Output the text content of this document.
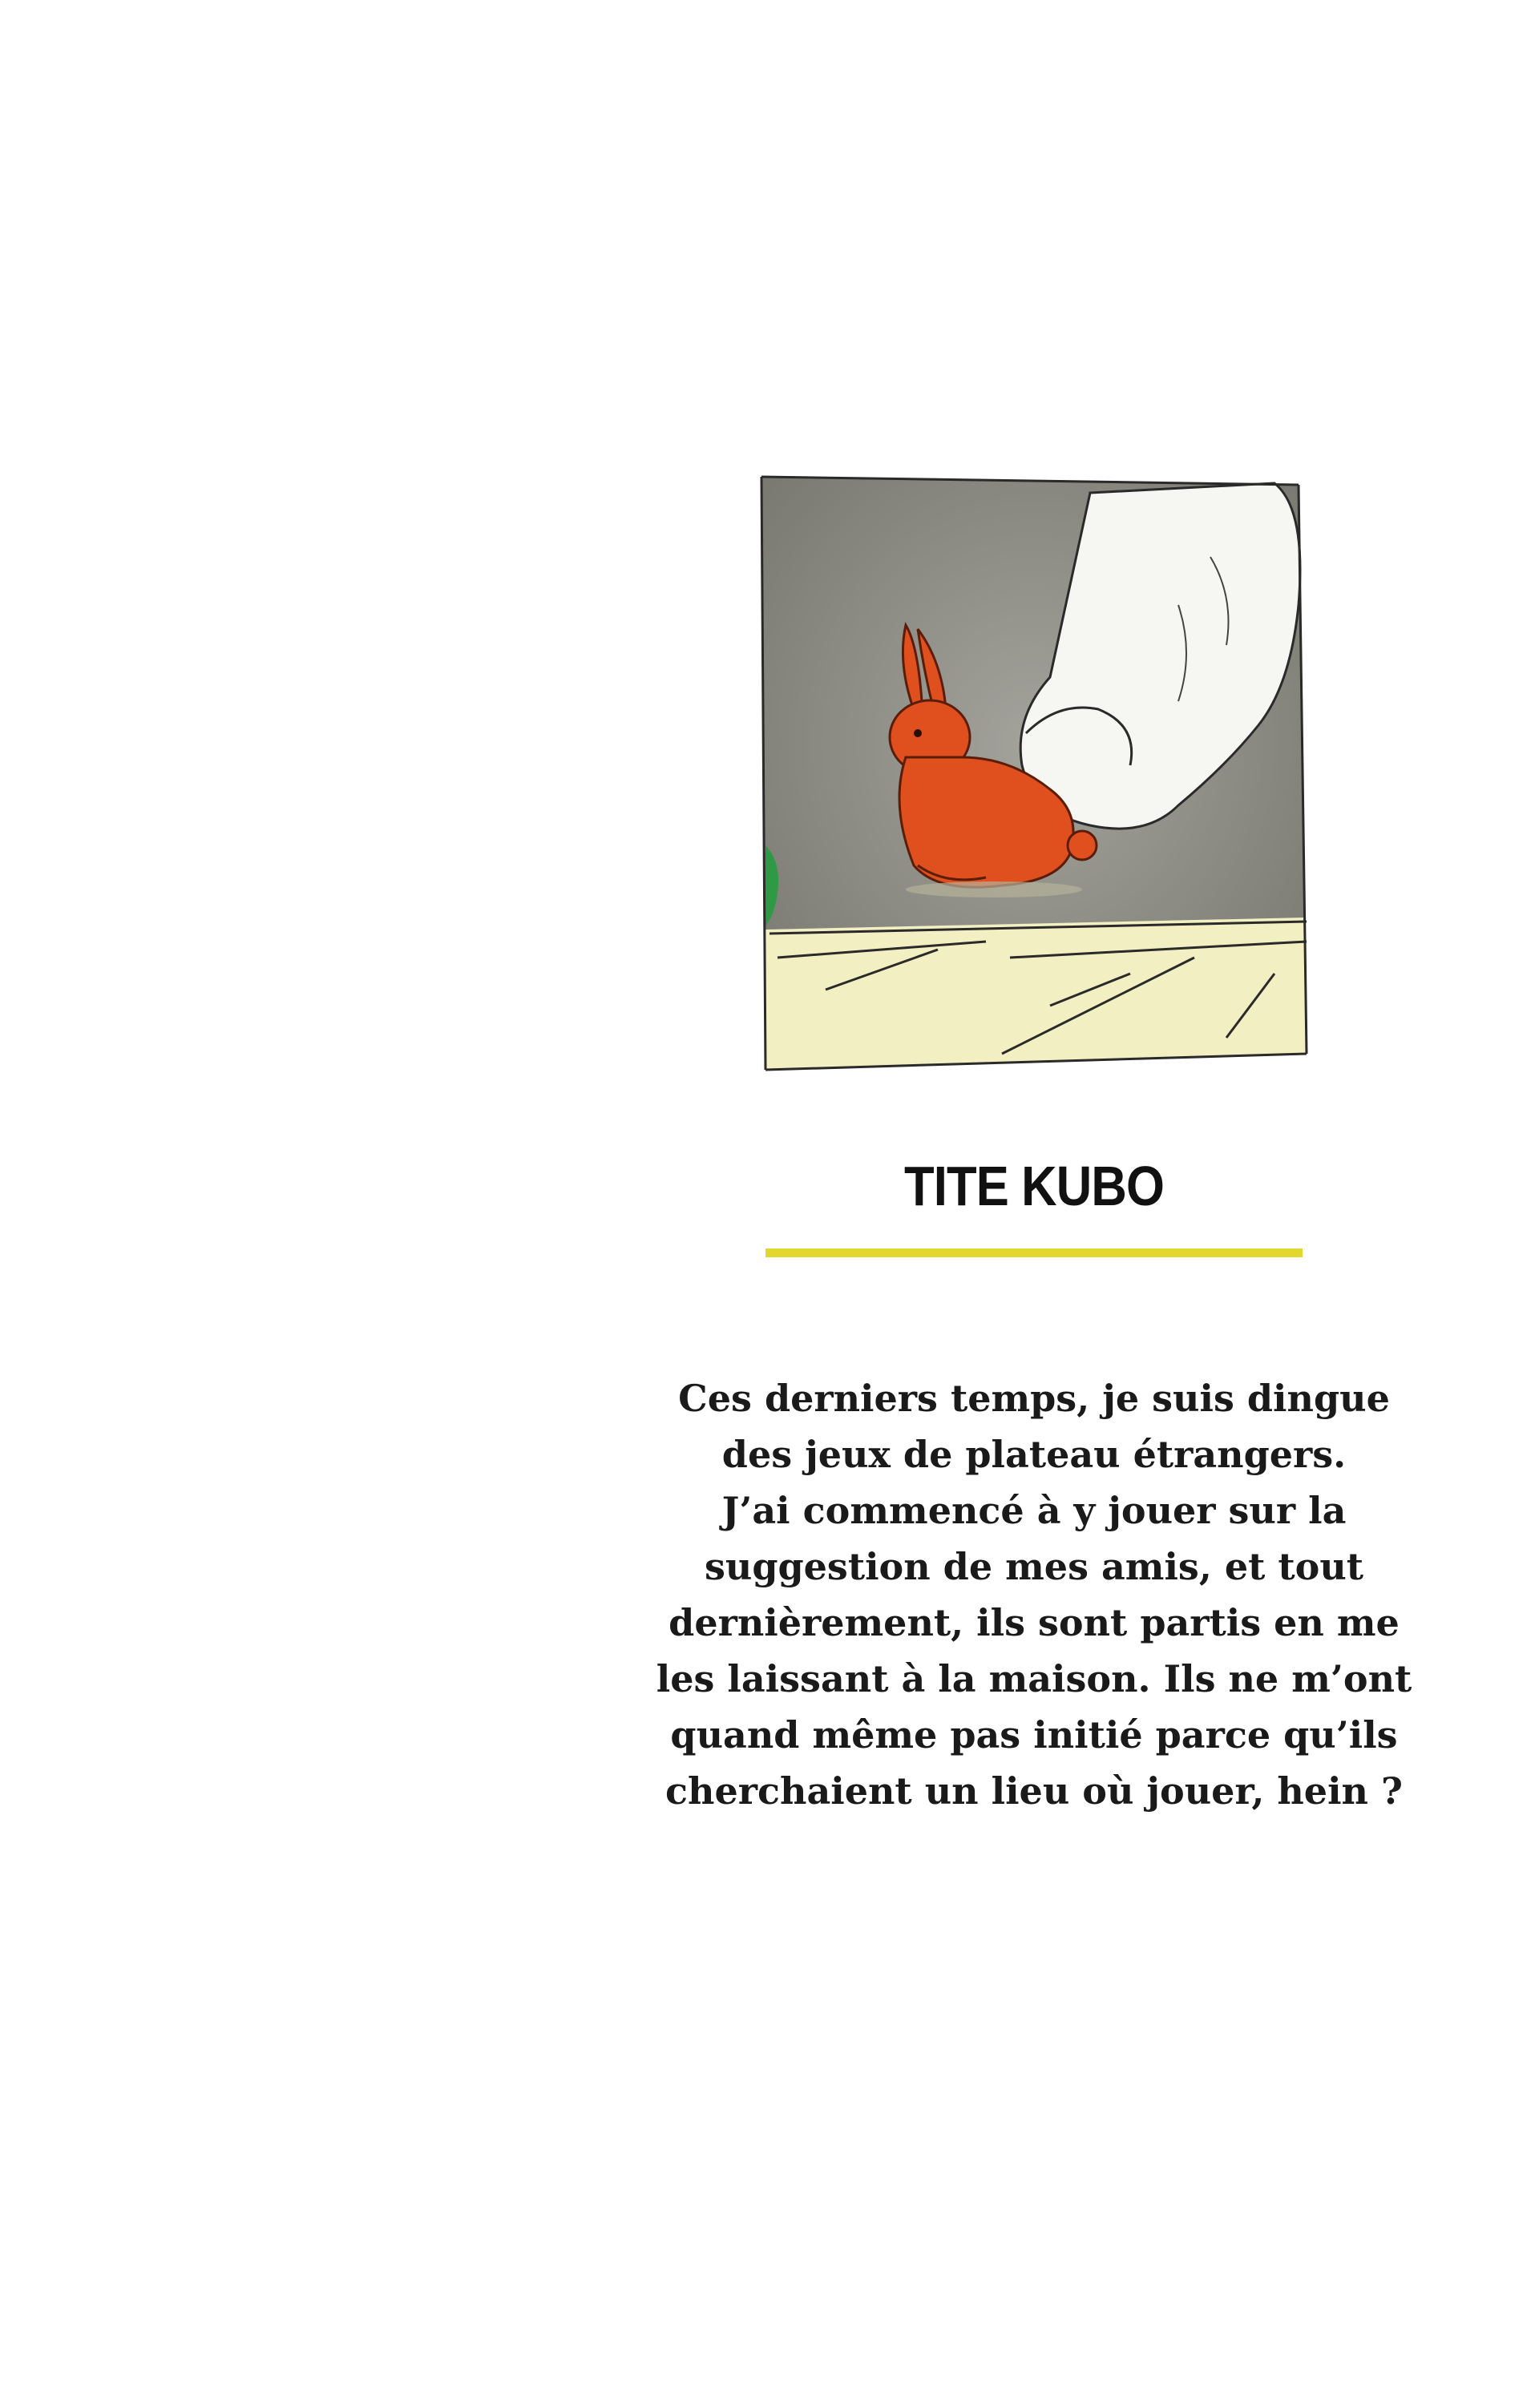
TITE KUBO
Ces derniers temps, je suis dingue
des jeux de plateau étrangers.
J’ai commencé à y jouer sur la
suggestion de mes amis, et tout
dernièrement, ils sont partis en me
les laissant à la maison. Ils ne m’ont
quand même pas initié parce qu’ils
cherchaient un lieu où jouer, hein ?
